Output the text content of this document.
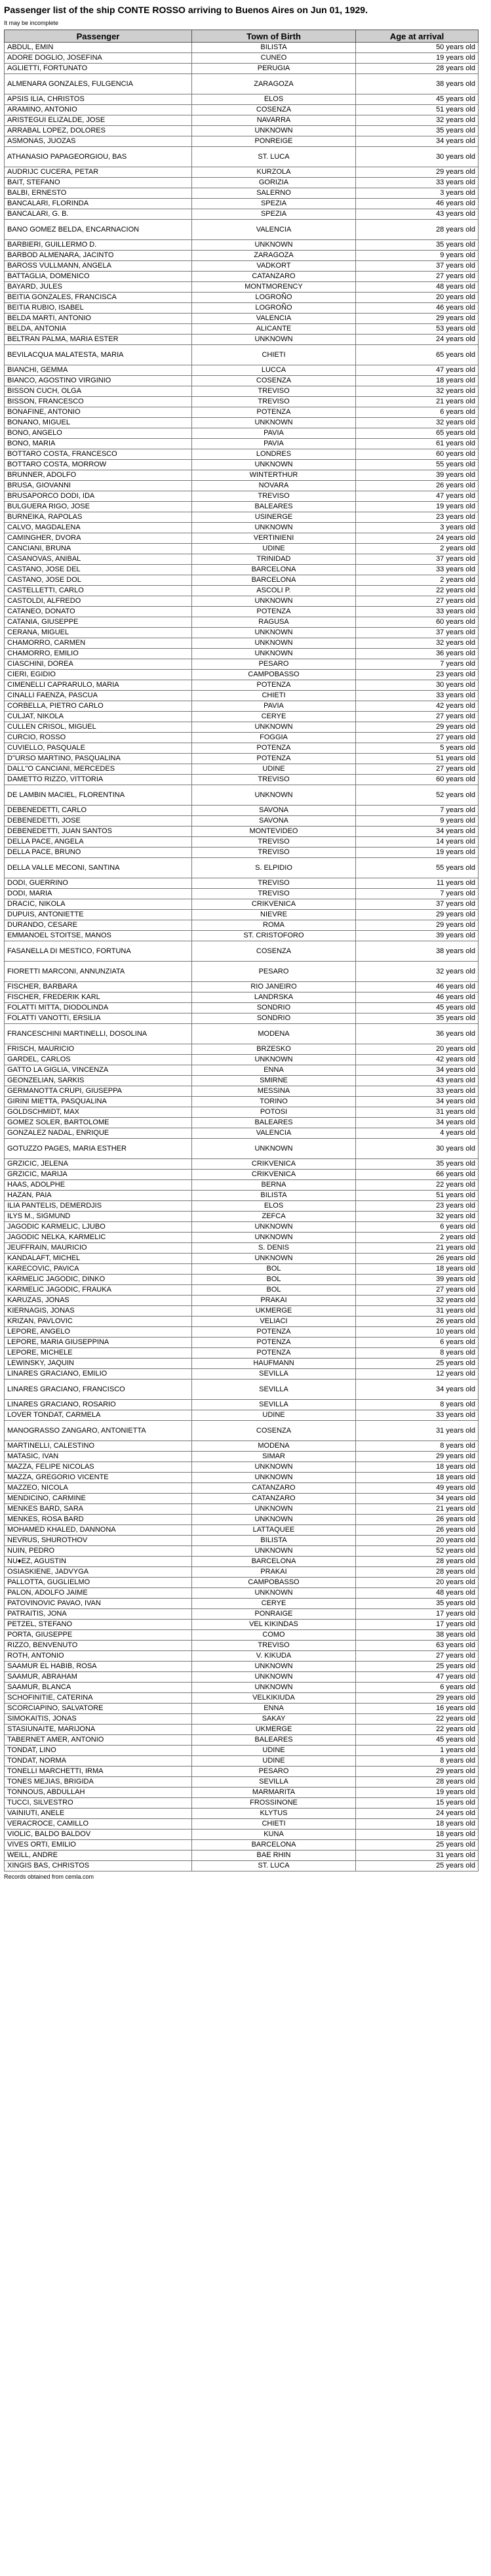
Passenger list of the ship CONTE ROSSO arriving to Buenos Aires on Jun 01, 1929.
It may be incomplete
Passenger	Town of Birth	Age at arrival
ABDUL, EMIN	BILISTA	50 years old
ADORE DOGLIO, JOSEFINA	CUNEO	19 years old
AGLIETTI, FORTUNATO	PERUGIA	28 years old
ALMENARA GONZALES, FULGENCIA	ZARAGOZA	38 years old
APSIS ILIA, CHRISTOS	ELOS	45 years old
ARAMINO, ANTONIO	COSENZA	51 years old
ARISTEGUI ELIZALDE, JOSE	NAVARRA	32 years old
ARRABAL LOPEZ, DOLORES	UNKNOWN	35 years old
ASMONAS, JUOZAS	PONREIGE	34 years old
ATHANASIO PAPAGEORGIOU, BAS	ST. LUCA	30 years old
AUDRIJC CUCERA, PETAR	KURZOLA	29 years old
BAIT, STEFANO	GORIZIA	33 years old
BALBI, ERNESTO	SALERNO	3 years old
BANCALARI, FLORINDA	SPEZIA	46 years old
BANCALARI, G. B.	SPEZIA	43 years old
BANO GOMEZ BELDA, ENCARNACION	VALENCIA	28 years old
BARBIERI, GUILLERMO D.	UNKNOWN	35 years old
BARBOD ALMENARA, JACINTO	ZARAGOZA	9 years old
BAROSS VULLMANN, ANGELA	VADKORT	37 years old
BATTAGLIA, DOMENICO	CATANZARO	27 years old
BAYARD, JULES	MONTMORENCY	48 years old
BEITIA GONZALES, FRANCISCA	LOGROÑO	20 years old
BEITIA RUBIO, ISABEL	LOGROÑO	46 years old
BELDA MARTI, ANTONIO	VALENCIA	29 years old
BELDA, ANTONIA	ALICANTE	53 years old
BELTRAN PALMA, MARIA ESTER	UNKNOWN	24 years old
BEVILACQUA MALATESTA, MARIA	CHIETI	65 years old
BIANCHI, GEMMA	LUCCA	47 years old
BIANCO, AGOSTINO VIRGINIO	COSENZA	18 years old
BISSON CUCH, OLGA	TREVISO	32 years old
BISSON, FRANCESCO	TREVISO	21 years old
BONAFINE, ANTONIO	POTENZA	6 years old
BONANO, MIGUEL	UNKNOWN	32 years old
BONO, ANGELO	PAVIA	65 years old
BONO, MARIA	PAVIA	61 years old
BOTTARO COSTA, FRANCESCO	LONDRES	60 years old
BOTTARO COSTA, MORROW	UNKNOWN	55 years old
BRUNNER, ADOLFO	WINTERTHUR	39 years old
BRUSA, GIOVANNI	NOVARA	26 years old
BRUSAPORCO DODI, IDA	TREVISO	47 years old
BULGUERA RIGO, JOSE	BALEARES	19 years old
BURNEIKA, RAPOLAS	USINERGE	23 years old
CALVO, MAGDALENA	UNKNOWN	3 years old
CAMINGHER, DVORA	VERTINIENI	24 years old
CANCIANI, BRUNA	UDINE	2 years old
CASANOVAS, ANIBAL	TRINIDAD	37 years old
CASTANO, JOSE DEL	BARCELONA	33 years old
CASTANO, JOSE DOL	BARCELONA	2 years old
CASTELLETTI, CARLO	ASCOLI P.	22 years old
CASTOLDI, ALFREDO	UNKNOWN	27 years old
CATANEO, DONATO	POTENZA	33 years old
CATANIA, GIUSEPPE	RAGUSA	60 years old
CERANA, MIGUEL	UNKNOWN	37 years old
CHAMORRO, CARMEN	UNKNOWN	32 years old
CHAMORRO, EMILIO	UNKNOWN	36 years old
CIASCHINI, DOREA	PESARO	7 years old
CIERI, EGIDIO	CAMPOBASSO	23 years old
CIMENELLI CAPRARULO, MARIA	POTENZA	30 years old
CINALLI FAENZA, PASCUA	CHIETI	33 years old
CORBELLA, PIETRO CARLO	PAVIA	42 years old
CULJAT, NIKOLA	CERYE	27 years old
CULLEN CRISOL, MIGUEL	UNKNOWN	29 years old
CURCIO, ROSSO	FOGGIA	27 years old
CUVIELLO, PASQUALE	POTENZA	5 years old
D"URSO MARTINO, PASQUALINA	POTENZA	51 years old
DALL"O CANCIANI, MERCEDES	UDINE	27 years old
DAMETTO RIZZO, VITTORIA	TREVISO	60 years old
DE LAMBIN MACIEL, FLORENTINA	UNKNOWN	52 years old
DEBENEDETTI, CARLO	SAVONA	7 years old
DEBENEDETTI, JOSE	SAVONA	9 years old
DEBENEDETTI, JUAN SANTOS	MONTEVIDEO	34 years old
DELLA PACE, ANGELA	TREVISO	14 years old
DELLA PACE, BRUNO	TREVISO	19 years old
DELLA VALLE MECONI, SANTINA	S. ELPIDIO	55 years old
DODI, GUERRINO	TREVISO	11 years old
DODI, MARIA	TREVISO	7 years old
DRACIC, NIKOLA	CRIKVENICA	37 years old
DUPUIS, ANTONIETTE	NIEVRE	29 years old
DURANDO, CESARE	ROMA	29 years old
EMMANOEL STOITSE, MANOS	ST. CRISTOFORO	39 years old
FASANELLA DI MESTICO, FORTUNA	COSENZA	38 years old
FIORETTI MARCONI, ANNUNZIATA	PESARO	32 years old
FISCHER, BARBARA	RIO JANEIRO	46 years old
FISCHER, FREDERIK KARL	LANDRSKA	46 years old
FOLATTI MITTA, DIODOLINDA	SONDRIO	45 years old
FOLATTI VANOTTI, ERSILIA	SONDRIO	35 years old
FRANCESCHINI MARTINELLI, DOSOLINA	MODENA	36 years old
FRISCH, MAURICIO	BRZESKO	20 years old
GARDEL, CARLOS	UNKNOWN	42 years old
GATTO LA GIGLIA, VINCENZA	ENNA	34 years old
GEONZELIAN, SARKIS	SMIRNE	43 years old
GERMANOTTA CRUPI, GIUSEPPA	MESSINA	33 years old
GIRINI MIETTA, PASQUALINA	TORINO	34 years old
GOLDSCHMIDT, MAX	POTOSI	31 years old
GOMEZ SOLER, BARTOLOME	BALEARES	34 years old
GONZALEZ NADAL, ENRIQUE	VALENCIA	4 years old
GOTUZZO PAGES, MARIA ESTHER	UNKNOWN	30 years old
GRZICIC, JELENA	CRIKVENICA	35 years old
GRZICIC, MARIJA	CRIKVENICA	66 years old
HAAS, ADOLPHE	BERNA	22 years old
HAZAN, PAIA	BILISTA	51 years old
ILIA PANTELIS, DEMERDJIS	ELOS	23 years old
ILYS M., SIGMUND	ZEFCA	32 years old
JAGODIC KARMELIC, LJUBO	UNKNOWN	6 years old
JAGODIC NELKA, KARMELIC	UNKNOWN	2 years old
JEUFFRAIN, MAURICIO	S. DENIS	21 years old
KANDALAFT, MICHEL	UNKNOWN	26 years old
KARECOVIC, PAVICA	BOL	18 years old
KARMELIC JAGODIC, DINKO	BOL	39 years old
KARMELIC JAGODIC, FRAUKA	BOL	27 years old
KARUZAS, JONAS	PRAKAI	32 years old
KIERNAGIS, JONAS	UKMERGE	31 years old
KRIZAN, PAVLOVIC	VELIACI	26 years old
LEPORE, ANGELO	POTENZA	10 years old
LEPORE, MARIA GIUSEPPINA	POTENZA	6 years old
LEPORE, MICHELE	POTENZA	8 years old
LEWINSKY, JAQUIN	HAUFMANN	25 years old
LINARES GRACIANO, EMILIO	SEVILLA	12 years old
LINARES GRACIANO, FRANCISCO	SEVILLA	34 years old
LINARES GRACIANO, ROSARIO	SEVILLA	8 years old
LOVER TONDAT, CARMELA	UDINE	33 years old
MANOGRASSO ZANGARO, ANTONIETTA	COSENZA	31 years old
MARTINELLI, CALESTINO	MODENA	8 years old
MATASIC, IVAN	SIMAR	29 years old
MAZZA, FELIPE NICOLAS	UNKNOWN	18 years old
MAZZA, GREGORIO VICENTE	UNKNOWN	18 years old
MAZZEO, NICOLA	CATANZARO	49 years old
MENDICINO, CARMINE	CATANZARO	34 years old
MENKES BARD, SARA	UNKNOWN	21 years old
MENKES, ROSA BARD	UNKNOWN	26 years old
MOHAMED KHALED, DANNONA	LATTAQUEE	26 years old
NEVRUS, SHUROTHOV	BILISTA	20 years old
NUIN, PEDRO	UNKNOWN	52 years old
NU♦EZ, AGUSTIN	BARCELONA	28 years old
OSIASKIENE, JADVYGA	PRAKAI	28 years old
PALLOTTA, GUGLIELMO	CAMPOBASSO	20 years old
PALON, ADOLFO JAIME	UNKNOWN	48 years old
PATOVINOVIC PAVAO, IVAN	CERYE	35 years old
PATRAITIS, JONA	PONRAIGE	17 years old
PETZEL, STEFANO	VEL KIKINDAS	17 years old
PORTA, GIUSEPPE	COMO	38 years old
RIZZO, BENVENUTO	TREVISO	63 years old
ROTH, ANTONIO	V. KIKUDA	27 years old
SAAMUR EL HABIB, ROSA	UNKNOWN	25 years old
SAAMUR, ABRAHAM	UNKNOWN	47 years old
SAAMUR, BLANCA	UNKNOWN	6 years old
SCHOFINITIE, CATERINA	VELKIKIUDA	29 years old
SCORCIAPINO, SALVATORE	ENNA	16 years old
SIMOKAITIS, JONAS	SAKAY	22 years old
STASIUNAITE, MARIJONA	UKMERGE	22 years old
TABERNET AMER, ANTONIO	BALEARES	45 years old
TONDAT, LINO	UDINE	1 years old
TONDAT, NORMA	UDINE	8 years old
TONELLI MARCHETTI, IRMA	PESARO	29 years old
TONES MEJIAS, BRIGIDA	SEVILLA	28 years old
TONNOUS, ABDULLAH	MARMARITA	19 years old
TUCCI, SILVESTRO	FROSSINONE	15 years old
VAINIUTI, ANELE	KLYTUS	24 years old
VERACROCE, CAMILLO	CHIETI	18 years old
VIOLIC, BALDO BALDOV	KUNA	18 years old
VIVES ORTI, EMILIO	BARCELONA	25 years old
WEILL, ANDRE	BAE RHIN	31 years old
XINGIS BAS, CHRISTOS	ST. LUCA	25 years old
Records obtained from cemla.com
